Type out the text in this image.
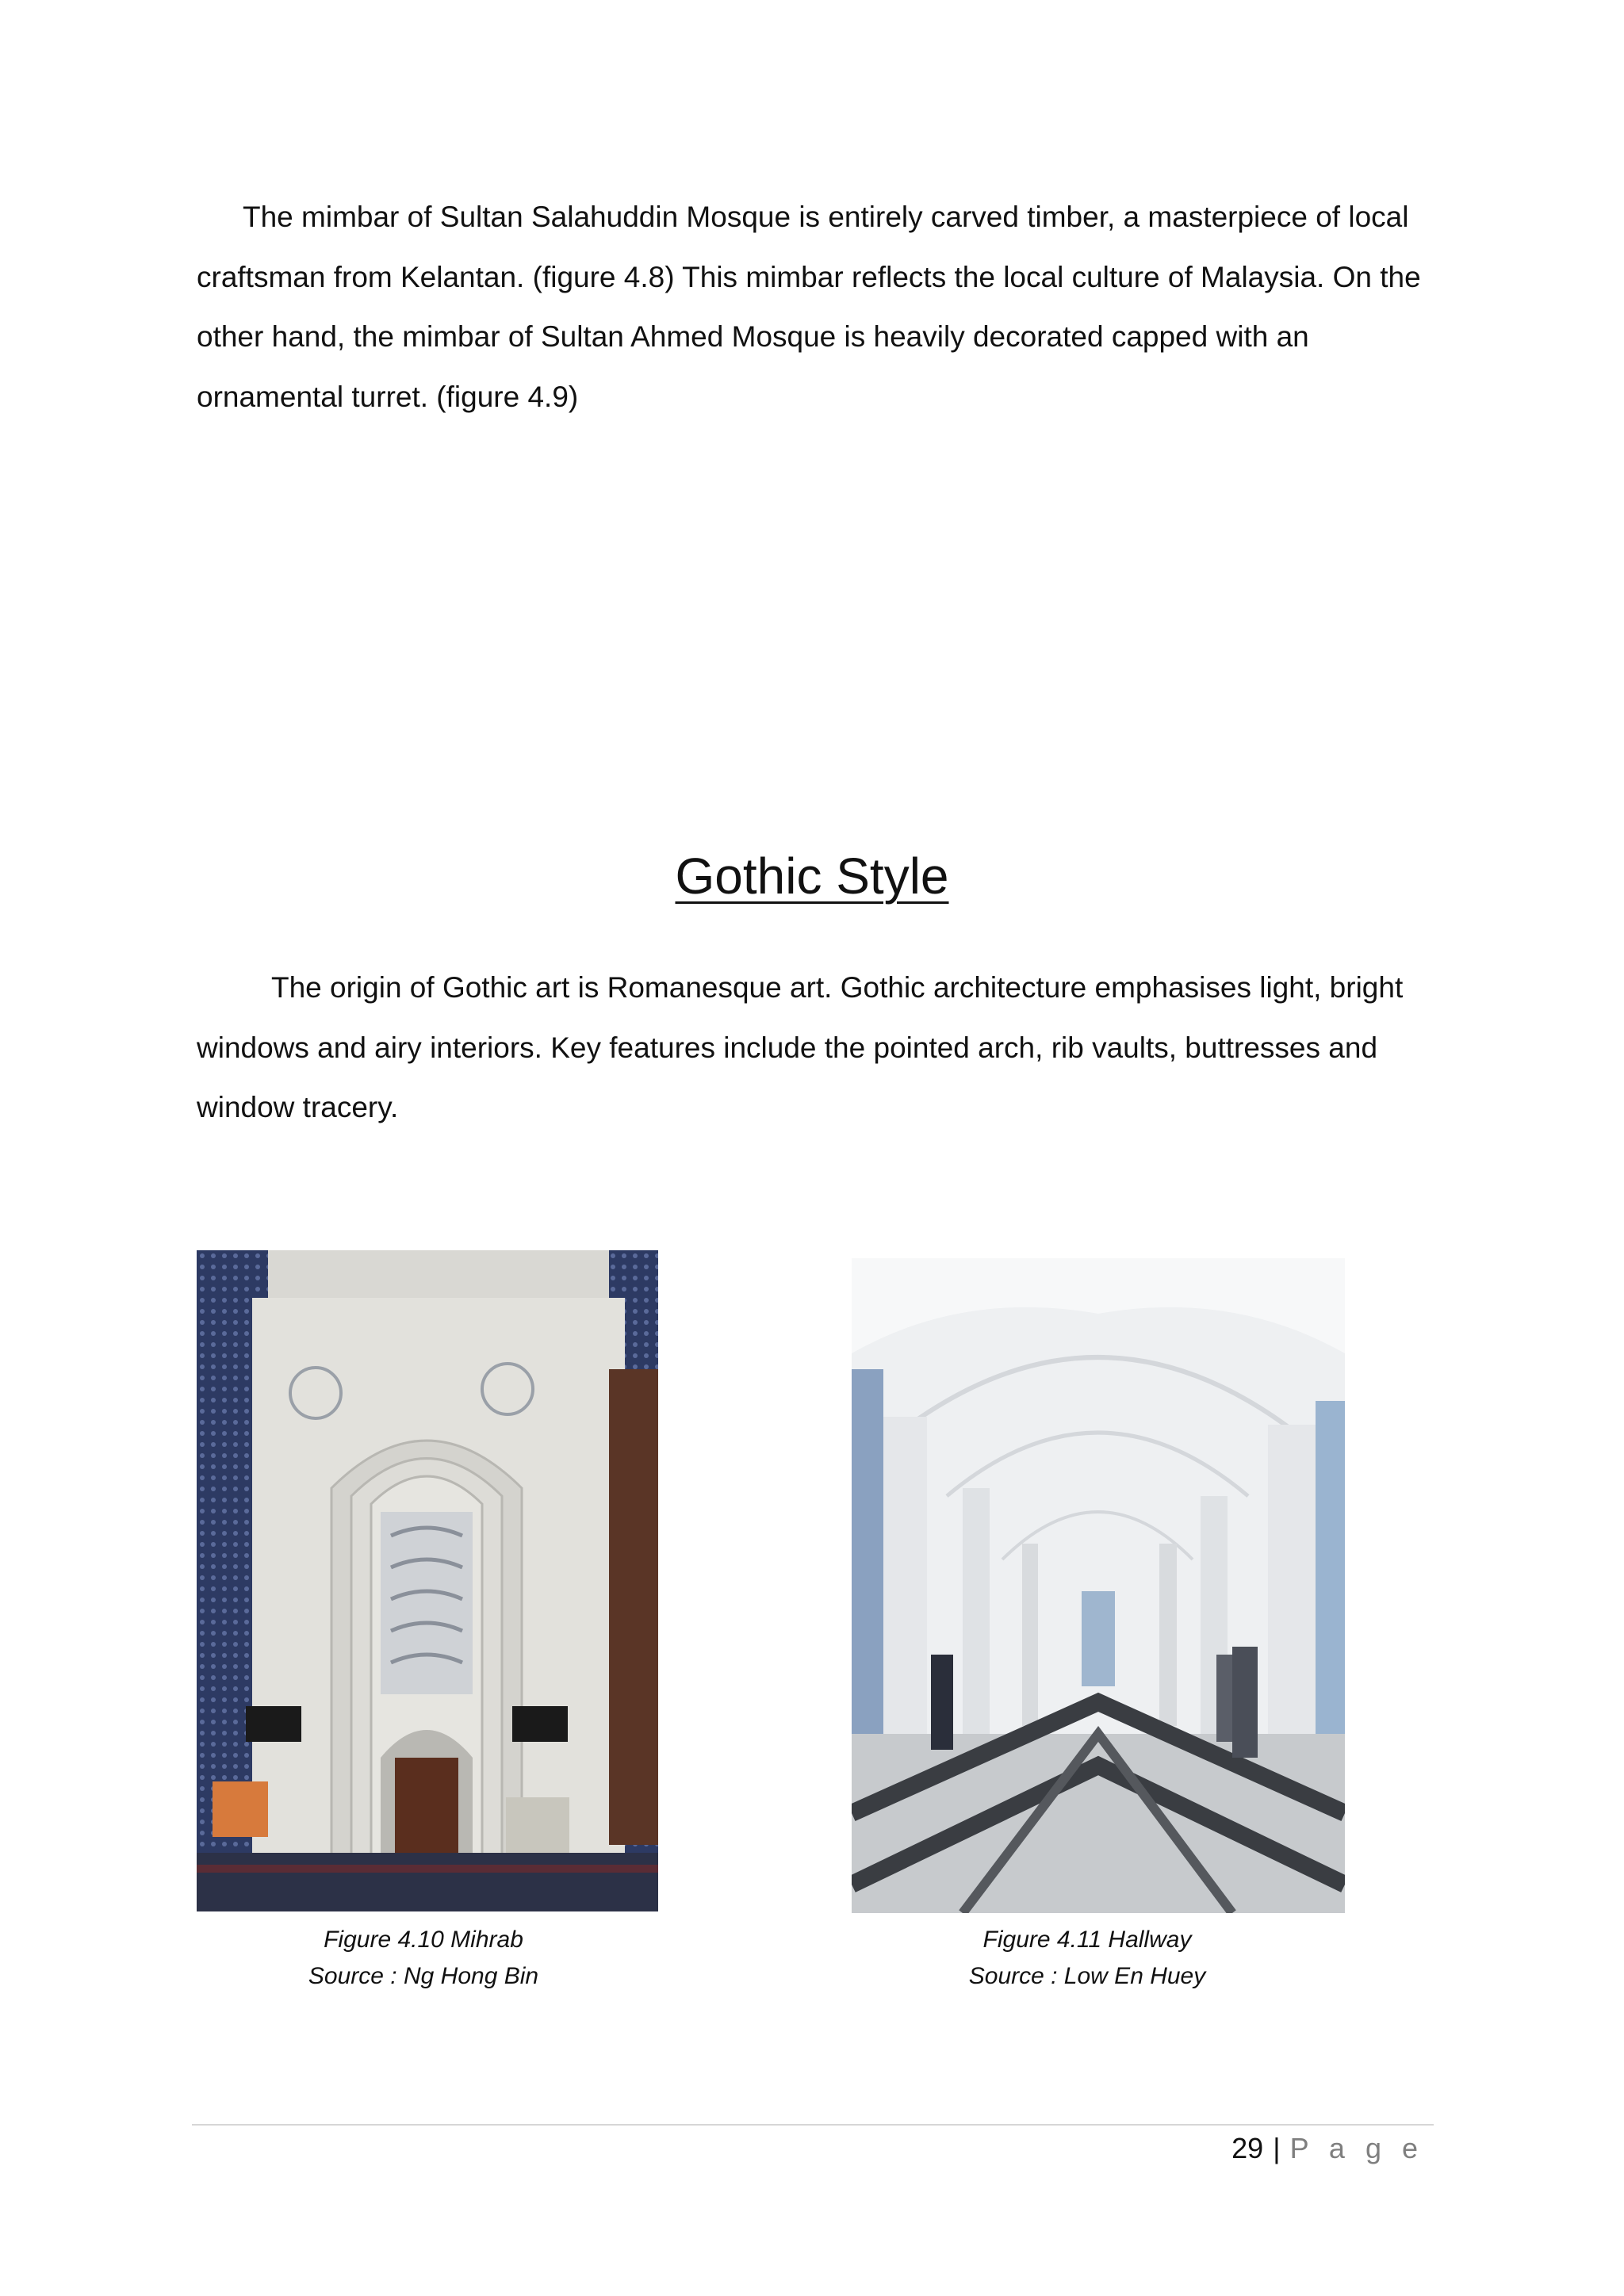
The mimbar of Sultan Salahuddin Mosque is entirely carved timber, a masterpiece of local craftsman from Kelantan. (figure 4.8) This mimbar reflects the local culture of Malaysia. On the other hand, the mimbar of Sultan Ahmed Mosque is heavily decorated capped with an ornamental turret. (figure 4.9)

Gothic Style

The origin of Gothic art is Romanesque art. Gothic architecture emphasises light, bright windows and airy interiors. Key features include the pointed arch, rib vaults, buttresses and window tracery.

Figure 4.10 Mihrab
Source : Ng Hong Bin

Figure 4.11 Hallway
Source : Low En Huey

29 | P a g e
